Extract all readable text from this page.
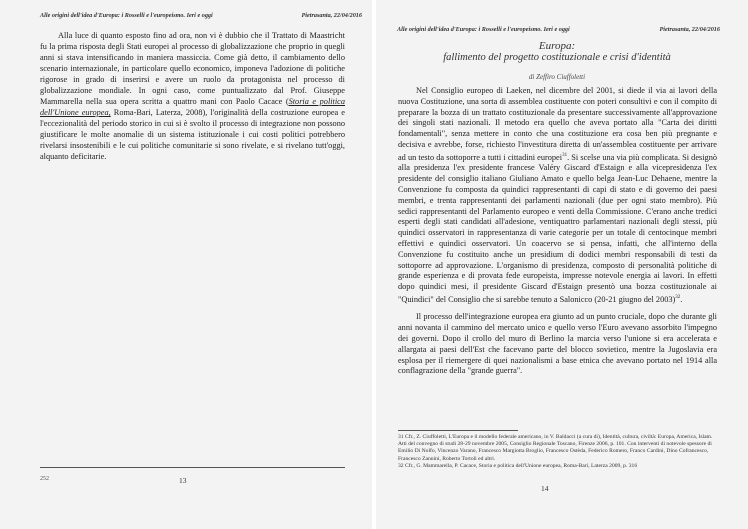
Alle origini dell'idea d'Europa: i Rosselli e l'europeismo. Ieri e oggi	Pietrasanta, 22/04/2016

Alla luce di quanto esposto fino ad ora, non vi è dubbio che il Trattato di Maastricht fu la prima risposta degli Stati europei al processo di globalizzazione che proprio in quegli anni si stava intensificando in maniera massiccia. Come già detto, il cambiamento dello scenario internazionale, in particolare quello economico, imponeva l'adozione di politiche rigorose in grado di inserirsi e avere un ruolo da protagonista nel processo di globalizzazione mondiale. In ogni caso, come puntualizzato dal Prof. Giuseppe Mammarella nella sua opera scritta a quattro mani con Paolo Cacace (Storia e politica dell'Unione europea, Roma-Bari, Laterza, 2008), l'originalità della costruzione europea e l'eccezionalità del periodo storico in cui si è svolto il processo di integrazione non possono giustificare le molte anomalie di un sistema istituzionale i cui costi politici potrebbero rivelarsi insostenibili e le cui politiche comunitarie si sono rivelate, e si rivelano tutt'oggi, alquanto deficitarie.

252	13
Alle origini dell'idea d'Europa: i Rosselli e l'europeismo. Ieri e oggi	Pietrasanta, 22/04/2016
Europa:
fallimento del progetto costituzionale e crisi d'identità
di Zeffiro Ciuffoletti

Nel Consiglio europeo di Laeken, nel dicembre del 2001, si diede il via ai lavori della nuova Costituzione, una sorta di assemblea costituente con poteri consultivi e con il compito di preparare la bozza di un trattato costituzionale da presentare successivamente all'approvazione dei singoli stati nazionali. Il metodo era quello che aveva portato alla "Carta dei diritti fondamentali", senza mettere in conto che una costituzione era cosa ben più pregnante e decisiva e avrebbe, forse, richiesto l'investitura diretta di un'assemblea costituente per arrivare ad un testo da sottoporre a tutti i cittadini europei$^{31}$. Si scelse una via più complicata. Si designò alla presidenza l'ex presidente francese Valéry Giscard d'Estaign e alla vicepresidenza l'ex presidente del consiglio italiano Giuliano Amato e quello belga Jean-Luc Dehaene, mentre la Convenzione fu composta da quindici rappresentanti di capi di stato e di governo dei paesi membri, e trenta rappresentanti dei parlamenti nazionali (due per ogni stato membro). Più sedici rappresentanti del Parlamento europeo e venti della Commissione. C'erano anche tredici esperti degli stati candidati all'adesione, ventiquattro parlamentari nazionali degli stessi, più quindici osservatori in rappresentanza di varie categorie per un totale di centocinque membri effettivi e quindici osservatori. Un coacervo se si pensa, infatti, che all'interno della Convenzione fu costituito anche un presidium di dodici membri responsabili di testi da sottoporre ad approvazione. L'organismo di presidenza, composto di personalità politiche di grande esperienza e di provata fede europeista, impresse notevole energia ai lavori. In effetti dopo quindici mesi, il presidente Giscard d'Estaign presentò una bozza costituzionale ai "Quindici" del Consiglio che si sarebbe tenuto a Salonicco (20-21 giugno del 2003)$^{32}$.

Il processo dell'integrazione europea era giunto ad un punto cruciale, dopo che durante gli anni novanta il cammino del mercato unico e quello verso l'Euro avevano assorbito l'impegno dei governi. Dopo il crollo del muro di Berlino la marcia verso l'unione si era accelerata e allargata ai paesi dell'Est che facevano parte del blocco sovietico, mentre la Jugoslavia era esplosa per il riemergere di quei nazionalismi a base etnica che avevano portato nel 1914 alla conflagrazione della "grande guerra".

31 Cfr., Z. Ciuffoletti, L'Europa e il modello federale americano, in V. Baldacci (a cura di), Identità, cultura, civiltà: Europa, America, Islam. Atti del convegno di studi 28-29 novembre 2005, Consiglio Regionale Toscano, Firenze 2006, p. 101. Con interventi di notevole spessore di Emilio Di Nolfo, Vincenzo Varano, Francesco Margiotta Broglio, Francesco Ostèda, Federico Romero, Franco Cardini, Dino Cofrancesco, Francesco Zannini, Roberto Tortoli ed altri.
32 Cfr., G. Mammarella, P. Cacace, Storia e politica dell'Unione europea, Roma-Bari, Laterza 2009, p. 316
14
